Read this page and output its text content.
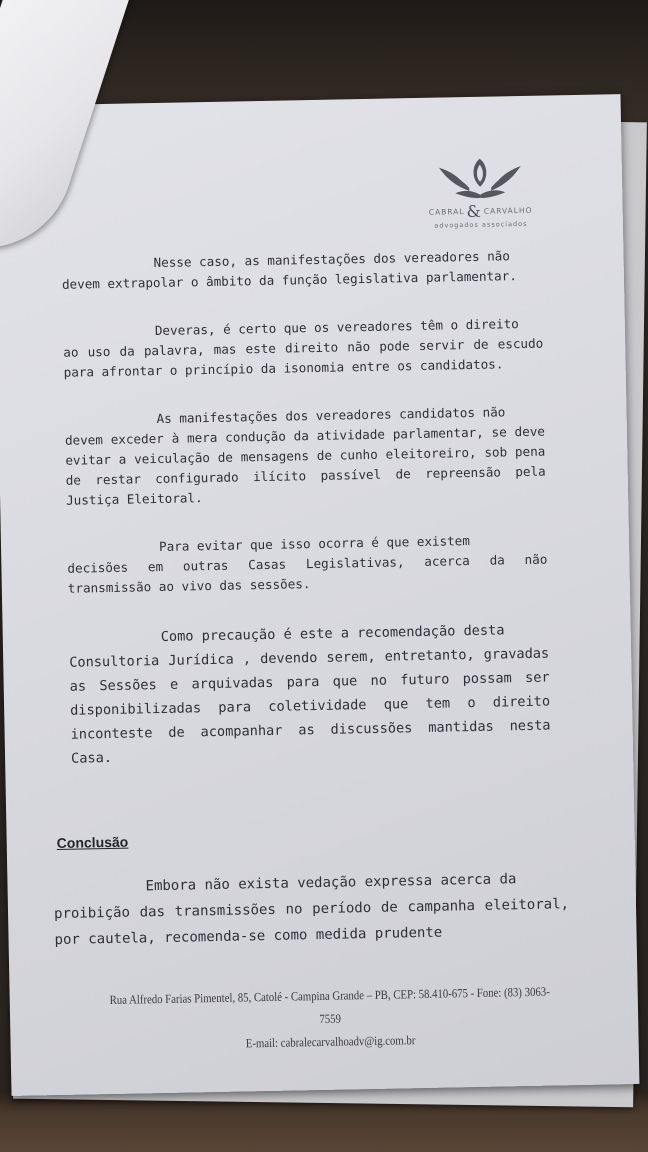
CABRAL & CARVALHO
advogados associados

Nesse caso, as manifestações dos vereadores não
devem extrapolar o âmbito da função legislativa parlamentar.

Deveras, é certo que os vereadores têm o direito
ao uso da palavra, mas este direito não pode servir de escudo para afrontar o princípio da isonomia entre os candidatos.

As manifestações dos vereadores candidatos não
devem exceder à mera condução da atividade parlamentar, se deve evitar a veiculação de mensagens de cunho eleitoreiro, sob pena de restar configurado ilícito passível de repreensão pela Justiça Eleitoral.

Para evitar que isso ocorra é que existem
decisões em outras Casas Legislativas, acerca da não transmissão ao vivo das sessões.

Como precaução é este a recomendação desta
Consultoria Jurídica , devendo serem, entretanto, gravadas as Sessões e arquivadas para que no futuro possam ser disponibilizadas para coletividade que tem o direito inconteste de acompanhar as discussões mantidas nesta Casa.

Conclusão

Embora não exista vedação expressa acerca da
proibição das transmissões no período de campanha eleitoral, por cautela, recomenda-se como medida prudente

Rua Alfredo Farias Pimentel, 85, Catolé - Campina Grande – PB, CEP: 58.410-675 - Fone: (83) 3063-7559
E-mail: cabralecarvalhoadv@ig.com.br
